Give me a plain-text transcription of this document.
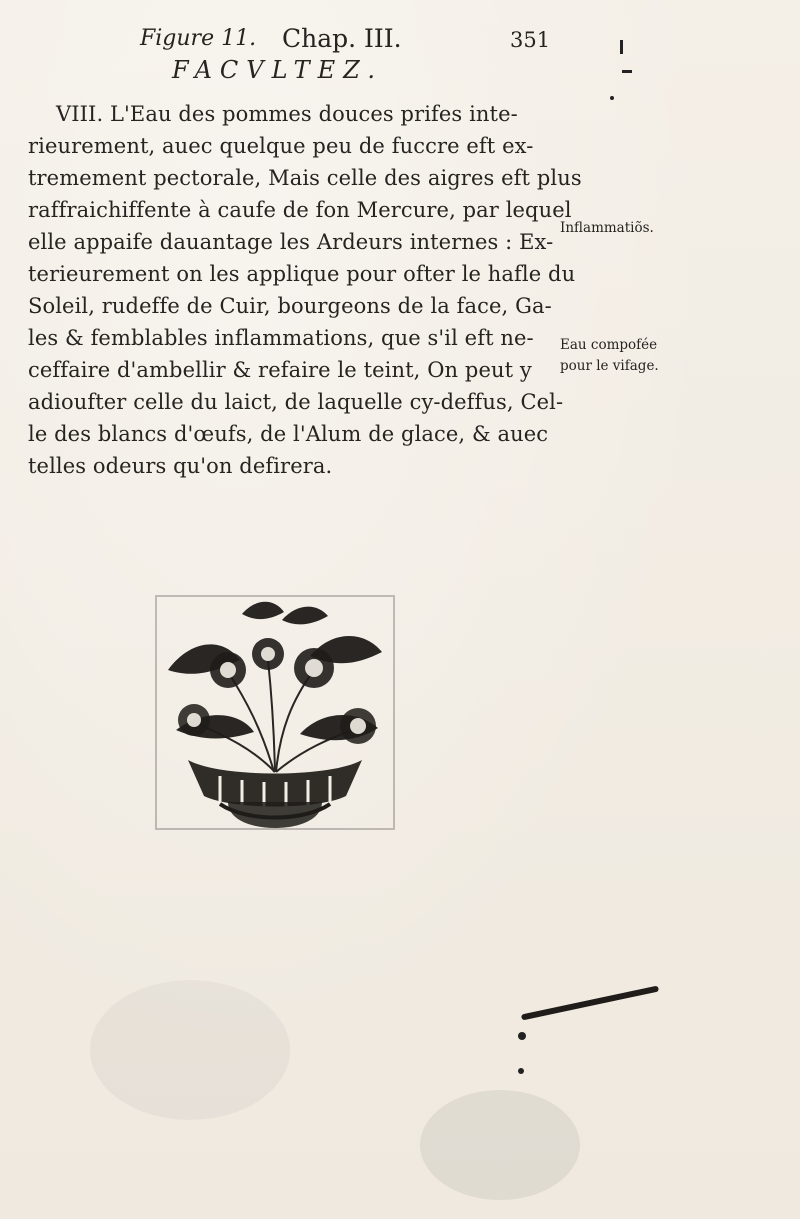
Figure 11. Chap. III.	351
FACVLTEZ.
VIII. L'Eau des pommes douces prifes inte-
rieurement, auec quelque peu de fuccre eft ex-
tremement pectorale, Mais celle des aigres eft plus
raffraichiffente à caufe de fon Mercure, par lequel
elle appaife dauantage les Ardeurs internes : Ex-
terieurement on les applique pour ofter le hafle du
Soleil, rudeffe de Cuir, bourgeons de la face, Ga-
les & femblables inflammations, que s'il eft ne-
ceffaire d'ambellir & refaire le teint, On peut y
adioufter celle du laict, de laquelle cy-deffus, Cel-
le des blancs d'œufs, de l'Alum de glace, & auec
telles odeurs qu'on defirera.
Inflammatiõs.
Eau compofée
pour le vifage.
